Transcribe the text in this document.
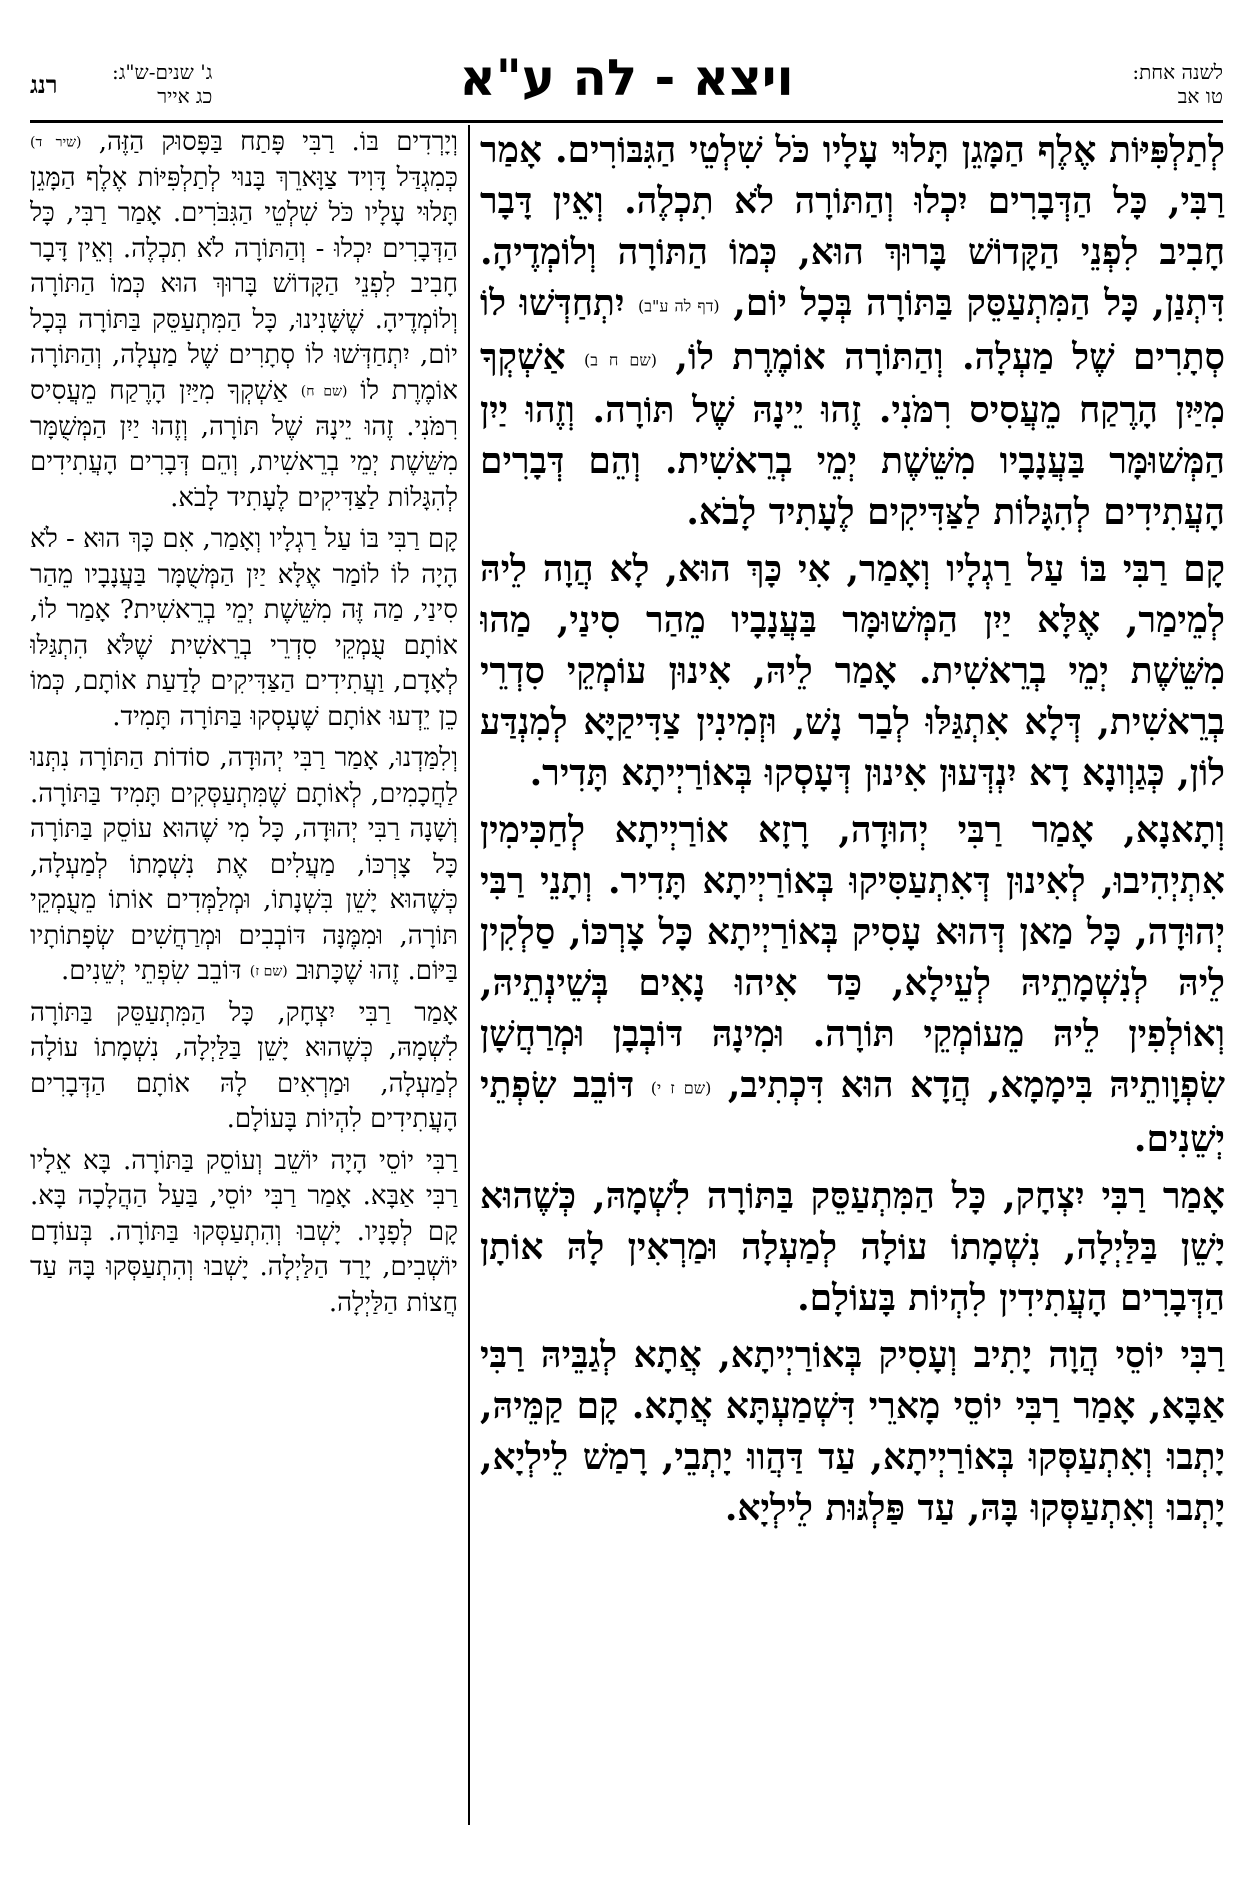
לשנה אחת:
טו אב
ויצא - לה ע"א
ג' שנים-ש"ג:
כג אייר
רנג

לְתַלְפִּיּוֹת אֶלֶף הַמָּגֵן תָּלוּי עָלָיו כֹּל שִׁלְטֵי הַגִּבּוֹרִים. אָמַר רַבִּי, כָּל הַדְּבָרִים יִכְלוּ וְהַתּוֹרָה לֹא תִכְלֶה. וְאֵין דָּבָר חָבִיב לִפְנֵי הַקָּדוֹשׁ בָּרוּךְ הוּא, כְּמוֹ הַתּוֹרָה וְלוֹמְדֶיהָ. דִּתְנַן, כָּל הַמִּתְעַסֵּק בַּתּוֹרָה בְּכָל יוֹם, (דף לה ע"ב) יִתְחַדְּשׁוּ לוֹ סְתָרִים שֶׁל מַעְלָה. וְהַתּוֹרָה אוֹמֶרֶת לוֹ, (שם ח ב) אַשְׁקְךָ מִיַּיִן הָרֶקַח מֵעֲסִיס רִמֹּנִי. זֶהוּ יֵינָהּ שֶׁל תּוֹרָה. וְזֶהוּ יַיִן הַמְּשׁוּמָּר בַּעֲנָבָיו מִשֵּׁשֶׁת יְמֵי בְרֵאשִׁית. וְהֵם דְּבָרִים הָעֲתִידִים לְהִגָּלוֹת לַצַּדִּיקִים לֶעָתִיד לָבֹא.

קָם רַבִּי בּוֹ עַל רַגְלָיו וְאָמַר, אִי כָּךְ הוּא, לָא הֲוָה לֵיהּ לְמֵימַר, אֶלָּא יַיִן הַמְּשׁוּמָּר בַּעֲנָבָיו מֵהַר סִינַי, מַהוּ מִשֵּׁשֶׁת יְמֵי בְרֵאשִׁית. אָמַר לֵיהּ, אִינוּן עוֹמְקֵי סִדְרֵי בְרֵאשִׁית, דְּלָא אִתְגַּלּוּ לְבַר נָשׁ, וּזְמִינִין צַדִּיקַיָּא לְמִנְדַּע לוֹן, כְּגַוְונָא דָא יִנְדְּעוּן אִינוּן דְּעָסְקוּ בְּאוֹרַיְיתָא תָּדִיר.

וְתָאנָא, אָמַר רַבִּי יְהוּדָה, רָזָא אוֹרַיְיתָא לְחַכִּימִין אִתְיְהִיבוּ, לְאִינוּן דְּאִתְעַסִּיקוּ בְּאוֹרַיְיתָא תָּדִיר. וְתָנֵי רַבִּי יְהוּדָה, כָּל מַאן דְּהוּא עָסִיק בְּאוֹרַיְיתָא כָּל צָרְכּוֹ, סַלְקִין לֵיהּ לְנִשְׁמָתֵיהּ לְעֵילָא, כַּד אִיהוּ נָאִים בְּשֵׁינְתֵיהּ, וְאוֹלְפִין לֵיהּ מֵעוֹמְקֵי תּוֹרָה. וּמִינָהּ דּוֹבְבָן וּמְרַחֲשָׁן שִׂפְוָותֵיהּ בִּימָמָא, הֲדָא הוּא דִּכְתִיב, (שם ז י) דּוֹבֵב שִׂפְתֵי יְשֵׁנִים.

אָמַר רַבִּי יִצְחָק, כָּל הַמִּתְעַסֵּק בַּתּוֹרָה לִשְׁמָהּ, כְּשֶׁהוּא יָשֵׁן בַּלַּיְלָה, נִשְׁמָתוֹ עוֹלָה לְמַעְלָה וּמַרְאִין לָהּ אוֹתָן הַדְּבָרִים הָעֲתִידִין לִהְיוֹת בָּעוֹלָם.

רַבִּי יוֹסֵי הֲוָה יָתִיב וְעָסִיק בְּאוֹרַיְיתָא, אֲתָא לְגַבֵּיהּ רַבִּי אַבָּא, אָמַר רַבִּי יוֹסֵי מָארֵי דִּשְׁמַעְתָּא אֲתָא. קָם קַמֵּיהּ, יָתְבוּ וְאִתְעַסְּקוּ בְּאוֹרַיְיתָא, עַד דַּהֲווּ יָתְבֵי, רָמַשׁ לֵילְיָא, יָתְבוּ וְאִתְעַסְּקוּ בָּהּ, עַד פַּלְגּוּת לֵילְיָא.

וְיָרְדִים בּוֹ. רַבִּי פָּתַח בַּפָּסוּק הַזֶּה, (שיר ד) כְּמִגְדַּל דָּוִיד צַוָּארֵךְ בָּנוּי לְתַלְפִּיּוֹת אֶלֶף הַמָּגֵן תָּלוּי עָלָיו כֹּל שִׁלְטֵי הַגִּבֹּרִים. אָמַר רַבִּי, כָּל הַדְּבָרִים יִכְלוּ - וְהַתּוֹרָה לֹא תִכְלֶה. וְאֵין דָּבָר חָבִיב לִפְנֵי הַקָּדוֹשׁ בָּרוּךְ הוּא כְּמוֹ הַתּוֹרָה וְלוֹמְדֶיהָ. שֶׁשָּׁנִינוּ, כָּל הַמִּתְעַסֵּק בַּתּוֹרָה בְּכָל יוֹם, יִתְחַדְּשׁוּ לוֹ סְתָרִים שֶׁל מַעְלָה, וְהַתּוֹרָה אוֹמֶרֶת לוֹ (שם ח) אַשְׁקְךָ מִיַּיִן הָרֶקַח מֵעֲסִיס רִמֹּנִי. זֶהוּ יֵינָהּ שֶׁל תּוֹרָה, וְזֶהוּ יַיִן הַמְּשֻׁמָּר מִשֵּׁשֶׁת יְמֵי בְרֵאשִׁית, וְהֵם דְּבָרִים הָעֲתִידִים לְהִגָּלוֹת לַצַּדִּיקִים לֶעָתִיד לָבֹא.

קָם רַבִּי בּוֹ עַל רַגְלָיו וְאָמַר, אִם כָּךְ הוּא - לֹא הָיָה לוֹ לוֹמַר אֶלָּא יַיִן הַמְּשֻׁמָּר בַּעֲנָבָיו מֵהַר סִינַי, מַה זֶּה מִשֵּׁשֶׁת יְמֵי בְרֵאשִׁית? אָמַר לוֹ, אוֹתָם עֻמְקֵי סִדְרֵי בְרֵאשִׁית שֶׁלֹּא הִתְגַּלּוּ לְאָדָם, וַעֲתִידִים הַצַּדִּיקִים לָדַעַת אוֹתָם, כְּמוֹ כֵן יֵדְעוּ אוֹתָם שֶׁעָסְקוּ בַּתּוֹרָה תָּמִיד.

וְלִמַּדְנוּ, אָמַר רַבִּי יְהוּדָה, סוֹדוֹת הַתּוֹרָה נִתְּנוּ לַחֲכָמִים, לְאוֹתָם שֶׁמִּתְעַסְּקִים תָּמִיד בַּתּוֹרָה. וְשָׁנָה רַבִּי יְהוּדָה, כָּל מִי שֶׁהוּא עוֹסֵק בַּתּוֹרָה כָּל צָרְכּוֹ, מַעֲלִים אֶת נִשְׁמָתוֹ לְמַעְלָה, כְּשֶׁהוּא יָשֵׁן בִּשְׁנָתוֹ, וּמְלַמְּדִים אוֹתוֹ מֵעֻמְקֵי תּוֹרָה, וּמִמֶּנָּה דּוֹבְבִים וּמְרַחֲשִׁים שְׂפָתוֹתָיו בַּיּוֹם. זֶהוּ שֶׁכָּתוּב (שם ז) דּוֹבֵב שִׂפְתֵי יְשֵׁנִים.

אָמַר רַבִּי יִצְחָק, כָּל הַמִּתְעַסֵּק בַּתּוֹרָה לִשְׁמָהּ, כְּשֶׁהוּא יָשֵׁן בַּלַּיְלָה, נִשְׁמָתוֹ עוֹלָה לְמַעְלָה, וּמַרְאִים לָהּ אוֹתָם הַדְּבָרִים הָעֲתִידִים לִהְיוֹת בָּעוֹלָם.

רַבִּי יוֹסֵי הָיָה יוֹשֵׁב וְעוֹסֵק בַּתּוֹרָה. בָּא אֵלָיו רַבִּי אַבָּא. אָמַר רַבִּי יוֹסֵי, בַּעַל הַהֲלָכָה בָּא. קָם לְפָנָיו. יָשְׁבוּ וְהִתְעַסְּקוּ בַּתּוֹרָה. בְּעוֹדָם יוֹשְׁבִים, יָרַד הַלַּיְלָה. יָשְׁבוּ וְהִתְעַסְּקוּ בָּהּ עַד חֲצוֹת הַלַּיְלָה.
